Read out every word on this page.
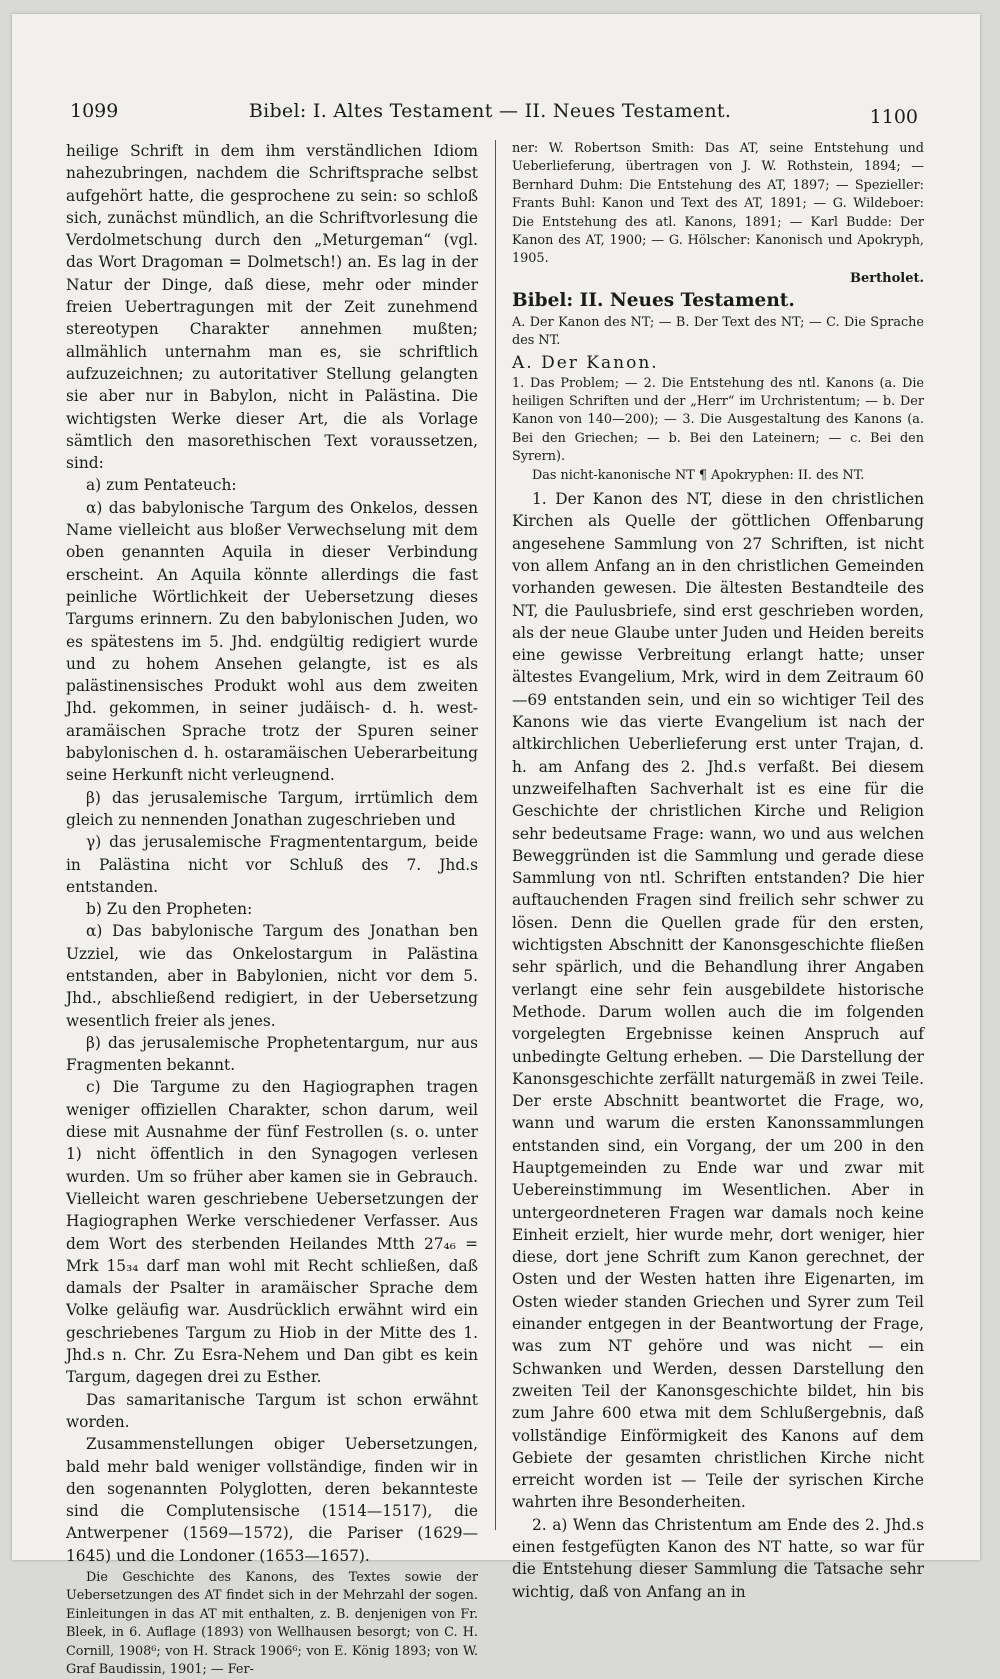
1099	Bibel: I. Altes Testament — II. Neues Testament.	1100

heilige Schrift in dem ihm verständlichen Idiom nahezubringen, nachdem die Schriftsprache selbst aufgehört hatte, die gesprochene zu sein: so schloß sich, zunächst mündlich, an die Schriftvorlesung die Verdolmetschung durch den „Meturgeman“ (vgl. das Wort Dragoman = Dolmetsch!) an. Es lag in der Natur der Dinge, daß diese, mehr oder minder freien Uebertragungen mit der Zeit zunehmend stereotypen Charakter annehmen mußten; allmählich unternahm man es, sie schriftlich aufzuzeichnen; zu autoritativer Stellung gelangten sie aber nur in Babylon, nicht in Palästina. Die wichtigsten Werke dieser Art, die als Vorlage sämtlich den masorethischen Text voraussetzen, sind:

a) zum Pentateuch:

α) das babylonische Targum des Onkelos, dessen Name vielleicht aus bloßer Verwechselung mit dem oben genannten Aquila in dieser Verbindung erscheint. An Aquila könnte allerdings die fast peinliche Wörtlichkeit der Uebersetzung dieses Targums erinnern. Zu den babylonischen Juden, wo es spätestens im 5. Jhd. endgültig redigiert wurde und zu hohem Ansehen gelangte, ist es als palästinensisches Produkt wohl aus dem zweiten Jhd. gekommen, in seiner judäisch- d. h. west-aramäischen Sprache trotz der Spuren seiner babylonischen d. h. ostaramäischen Ueberarbeitung seine Herkunft nicht verleugnend.

β) das jerusalemische Targum, irrtümlich dem gleich zu nennenden Jonathan zugeschrieben und

γ) das jerusalemische Fragmententargum, beide in Palästina nicht vor Schluß des 7. Jhd.s entstanden.

b) Zu den Propheten:

α) Das babylonische Targum des Jonathan ben Uzziel, wie das Onkelostargum in Palästina entstanden, aber in Babylonien, nicht vor dem 5. Jhd., abschließend redigiert, in der Uebersetzung wesentlich freier als jenes.

β) das jerusalemische Prophetentargum, nur aus Fragmenten bekannt.

c) Die Targume zu den Hagiographen tragen weniger offiziellen Charakter, schon darum, weil diese mit Ausnahme der fünf Festrollen (s. o. unter 1) nicht öffentlich in den Synagogen verlesen wurden. Um so früher aber kamen sie in Gebrauch. Vielleicht waren geschriebene Uebersetzungen der Hagiographen Werke verschiedener Verfasser. Aus dem Wort des sterbenden Heilandes Mtth 27₄₆ = Mrk 15₃₄ darf man wohl mit Recht schließen, daß damals der Psalter in aramäischer Sprache dem Volke geläufig war. Ausdrücklich erwähnt wird ein geschriebenes Targum zu Hiob in der Mitte des 1. Jhd.s n. Chr. Zu Esra-Nehem und Dan gibt es kein Targum, dagegen drei zu Esther.

Das samaritanische Targum ist schon erwähnt worden.

Zusammenstellungen obiger Uebersetzungen, bald mehr bald weniger vollständige, finden wir in den sogenannten Polyglotten, deren bekannteste sind die Complutensische (1514—1517), die Antwerpener (1569—1572), die Pariser (1629—1645) und die Londoner (1653—1657).

Die Geschichte des Kanons, des Textes sowie der Uebersetzungen des AT findet sich in der Mehrzahl der sogen. Einleitungen in das AT mit enthalten, z. B. denjenigen von Fr. Bleek, in 6. Auflage (1893) von Wellhausen besorgt; von C. H. Cornill, 1908⁶; von H. Strack 1906⁶; von E. König 1893; von W. Graf Baudissin, 1901; — Fer-

ner: W. Robertson Smith: Das AT, seine Entstehung und Ueberlieferung, übertragen von J. W. Rothstein, 1894; — Bernhard Duhm: Die Entstehung des AT, 1897; — Spezieller: Frants Buhl: Kanon und Text des AT, 1891; — G. Wildeboer: Die Entstehung des atl. Kanons, 1891; — Karl Budde: Der Kanon des AT, 1900; — G. Hölscher: Kanonisch und Apokryph, 1905.

Bertholet.

Bibel: II. Neues Testament.

A. Der Kanon des NT; — B. Der Text des NT; — C. Die Sprache des NT.

A. Der Kanon.

1. Das Problem; — 2. Die Entstehung des ntl. Kanons (a. Die heiligen Schriften und der „Herr“ im Urchristentum; — b. Der Kanon von 140—200); — 3. Die Ausgestaltung des Kanons (a. Bei den Griechen; — b. Bei den Lateinern; — c. Bei den Syrern).

Das nicht-kanonische NT ¶ Apokryphen: II. des NT.

1. Der Kanon des NT, diese in den christlichen Kirchen als Quelle der göttlichen Offenbarung angesehene Sammlung von 27 Schriften, ist nicht von allem Anfang an in den christlichen Gemeinden vorhanden gewesen. Die ältesten Bestandteile des NT, die Paulusbriefe, sind erst geschrieben worden, als der neue Glaube unter Juden und Heiden bereits eine gewisse Verbreitung erlangt hatte; unser ältestes Evangelium, Mrk, wird in dem Zeitraum 60—69 entstanden sein, und ein so wichtiger Teil des Kanons wie das vierte Evangelium ist nach der altkirchlichen Ueberlieferung erst unter Trajan, d. h. am Anfang des 2. Jhd.s verfaßt. Bei diesem unzweifelhaften Sachverhalt ist es eine für die Geschichte der christlichen Kirche und Religion sehr bedeutsame Frage: wann, wo und aus welchen Beweggründen ist die Sammlung und gerade diese Sammlung von ntl. Schriften entstanden? Die hier auftauchenden Fragen sind freilich sehr schwer zu lösen. Denn die Quellen grade für den ersten, wichtigsten Abschnitt der Kanonsgeschichte fließen sehr spärlich, und die Behandlung ihrer Angaben verlangt eine sehr fein ausgebildete historische Methode. Darum wollen auch die im folgenden vorgelegten Ergebnisse keinen Anspruch auf unbedingte Geltung erheben. — Die Darstellung der Kanonsgeschichte zerfällt naturgemäß in zwei Teile. Der erste Abschnitt beantwortet die Frage, wo, wann und warum die ersten Kanonssammlungen entstanden sind, ein Vorgang, der um 200 in den Hauptgemeinden zu Ende war und zwar mit Uebereinstimmung im Wesentlichen. Aber in untergeordneteren Fragen war damals noch keine Einheit erzielt, hier wurde mehr, dort weniger, hier diese, dort jene Schrift zum Kanon gerechnet, der Osten und der Westen hatten ihre Eigenarten, im Osten wieder standen Griechen und Syrer zum Teil einander entgegen in der Beantwortung der Frage, was zum NT gehöre und was nicht — ein Schwanken und Werden, dessen Darstellung den zweiten Teil der Kanonsgeschichte bildet, hin bis zum Jahre 600 etwa mit dem Schlußergebnis, daß vollständige Einförmigkeit des Kanons auf dem Gebiete der gesamten christlichen Kirche nicht erreicht worden ist — Teile der syrischen Kirche wahrten ihre Besonderheiten.

2. a) Wenn das Christentum am Ende des 2. Jhd.s einen festgefügten Kanon des NT hatte, so war für die Entstehung dieser Sammlung die Tatsache sehr wichtig, daß von Anfang an in
